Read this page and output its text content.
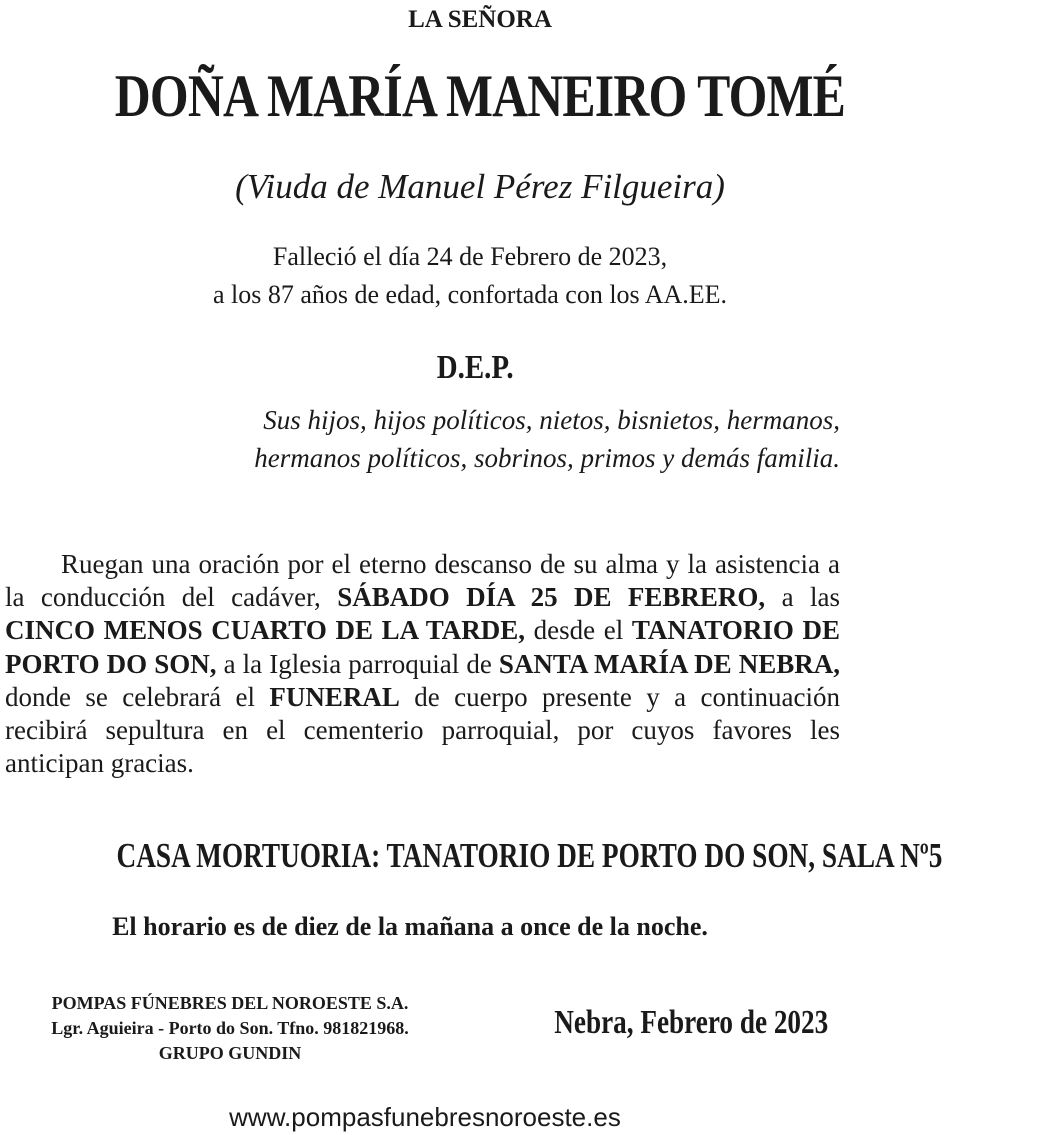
LA SEÑORA
DOÑA MARÍA MANEIRO TOMÉ
(Viuda de Manuel Pérez Filgueira)
Falleció el día 24 de Febrero de 2023,
a los 87 años de edad, confortada con los AA.EE.
D.E.P.
Sus hijos, hijos políticos, nietos, bisnietos, hermanos,
hermanos políticos, sobrinos, primos y demás familia.
Ruegan una oración por el eterno descanso de su alma y la asistencia a la conducción del cadáver, SÁBADO DÍA 25 DE FEBRERO, a las CINCO MENOS CUARTO DE LA TARDE, desde el TANATORIO DE PORTO DO SON, a la Iglesia parroquial de SANTA MARÍA DE NEBRA, donde se celebrará el FUNERAL de cuerpo presente y a continuación recibirá sepultura en el cementerio parroquial, por cuyos favores les anticipan gracias.
CASA MORTUORIA: TANATORIO DE PORTO DO SON, SALA Nº5
El horario es de diez de la mañana a once de la noche.
POMPAS FÚNEBRES DEL NOROESTE S.A.
Lgr. Aguieira - Porto do Son. Tfno. 981821968.
GRUPO GUNDIN
Nebra, Febrero de 2023
www.pompasfunebresnoroeste.es
